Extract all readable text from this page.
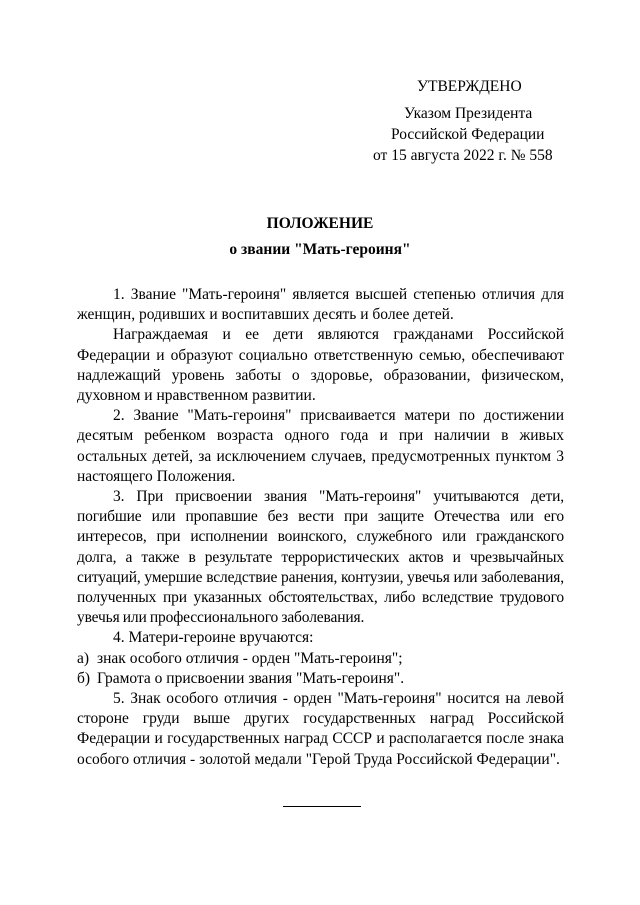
УТВЕРЖДЕНО
Указом Президента
Российской Федерации
от 15 августа 2022 г. № 558
ПОЛОЖЕНИЕ
о звании "Мать-героиня"

1. Звание "Мать-героиня" является высшей степенью отличия для женщин, родивших и воспитавших десять и более детей.

Награждаемая и ее дети являются гражданами Российской Федерации и образуют социально ответственную семью, обеспечивают надлежащий уровень заботы о здоровье, образовании, физическом, духовном и нравственном развитии.

2. Звание "Мать-героиня" присваивается матери по достижении десятым ребенком возраста одного года и при наличии в живых остальных детей, за исключением случаев, предусмотренных пунктом 3 настоящего Положения.

3. При присвоении звания "Мать-героиня" учитываются дети, погибшие или пропавшие без вести при защите Отечества или его интересов, при исполнении воинского, служебного или гражданского долга, а также в результате террористических актов и чрезвычайных ситуаций, умершие вследствие ранения, контузии, увечья или заболевания, полученных при указанных обстоятельствах, либо вследствие трудового увечья или профессионального заболевания.

4. Матери-героине вручаются:

а) знак особого отличия - орден "Мать-героиня";

б) Грамота о присвоении звания "Мать-героиня".

5. Знак особого отличия - орден "Мать-героиня" носится на левой стороне груди выше других государственных наград Российской Федерации и государственных наград СССР и располагается после знака особого отличия - золотой медали "Герой Труда Российской Федерации".
